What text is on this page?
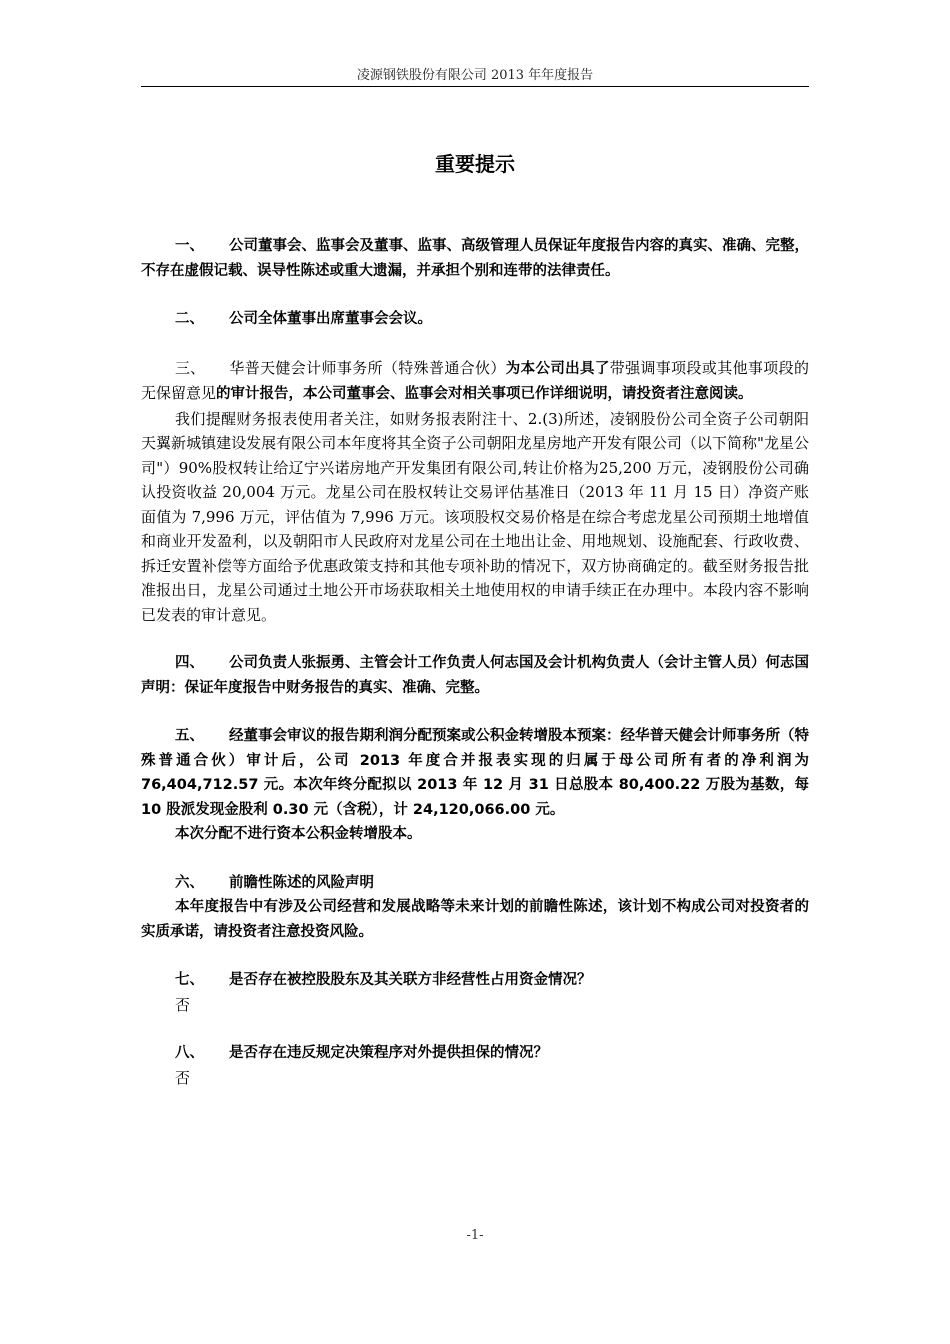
凌源钢铁股份有限公司 2013 年年度报告
重要提示

一、 公司董事会、监事会及董事、监事、高级管理人员保证年度报告内容的真实、准确、完整，不存在虚假记载、误导性陈述或重大遗漏，并承担个别和连带的法律责任。

二、 公司全体董事出席董事会会议。

三、 华普天健会计师事务所（特殊普通合伙）为本公司出具了带强调事项段或其他事项段的无保留意见的审计报告，本公司董事会、监事会对相关事项已作详细说明，请投资者注意阅读。

我们提醒财务报表使用者关注，如财务报表附注十、2.(3)所述，凌钢股份公司全资子公司朝阳天翼新城镇建设发展有限公司本年度将其全资子公司朝阳龙星房地产开发有限公司（以下简称"龙星公司"）90%股权转让给辽宁兴诺房地产开发集团有限公司,转让价格为25,200 万元，凌钢股份公司确认投资收益 20,004 万元。龙星公司在股权转让交易评估基准日（2013 年 11 月 15 日）净资产账面值为 7,996 万元，评估值为 7,996 万元。该项股权交易价格是在综合考虑龙星公司预期土地增值和商业开发盈利，以及朝阳市人民政府对龙星公司在土地出让金、用地规划、设施配套、行政收费、拆迁安置补偿等方面给予优惠政策支持和其他专项补助的情况下，双方协商确定的。截至财务报告批准报出日，龙星公司通过土地公开市场获取相关土地使用权的申请手续正在办理中。本段内容不影响已发表的审计意见。

四、 公司负责人张振勇、主管会计工作负责人何志国及会计机构负责人（会计主管人员）何志国声明：保证年度报告中财务报告的真实、准确、完整。

五、 经董事会审议的报告期利润分配预案或公积金转增股本预案：经华普天健会计师事务所（特殊普通合伙）审计后，公司 2013 年度合并报表实现的归属于母公司所有者的净利润为 76,404,712.57 元。本次年终分配拟以 2013 年 12 月 31 日总股本 80,400.22 万股为基数，每 10 股派发现金股利 0.30 元（含税），计 24,120,066.00 元。

本次分配不进行资本公积金转增股本。

六、 前瞻性陈述的风险声明

本年度报告中有涉及公司经营和发展战略等未来计划的前瞻性陈述，该计划不构成公司对投资者的实质承诺，请投资者注意投资风险。

七、 是否存在被控股股东及其关联方非经营性占用资金情况？

否

八、 是否存在违反规定决策程序对外提供担保的情况？

否

-1-
